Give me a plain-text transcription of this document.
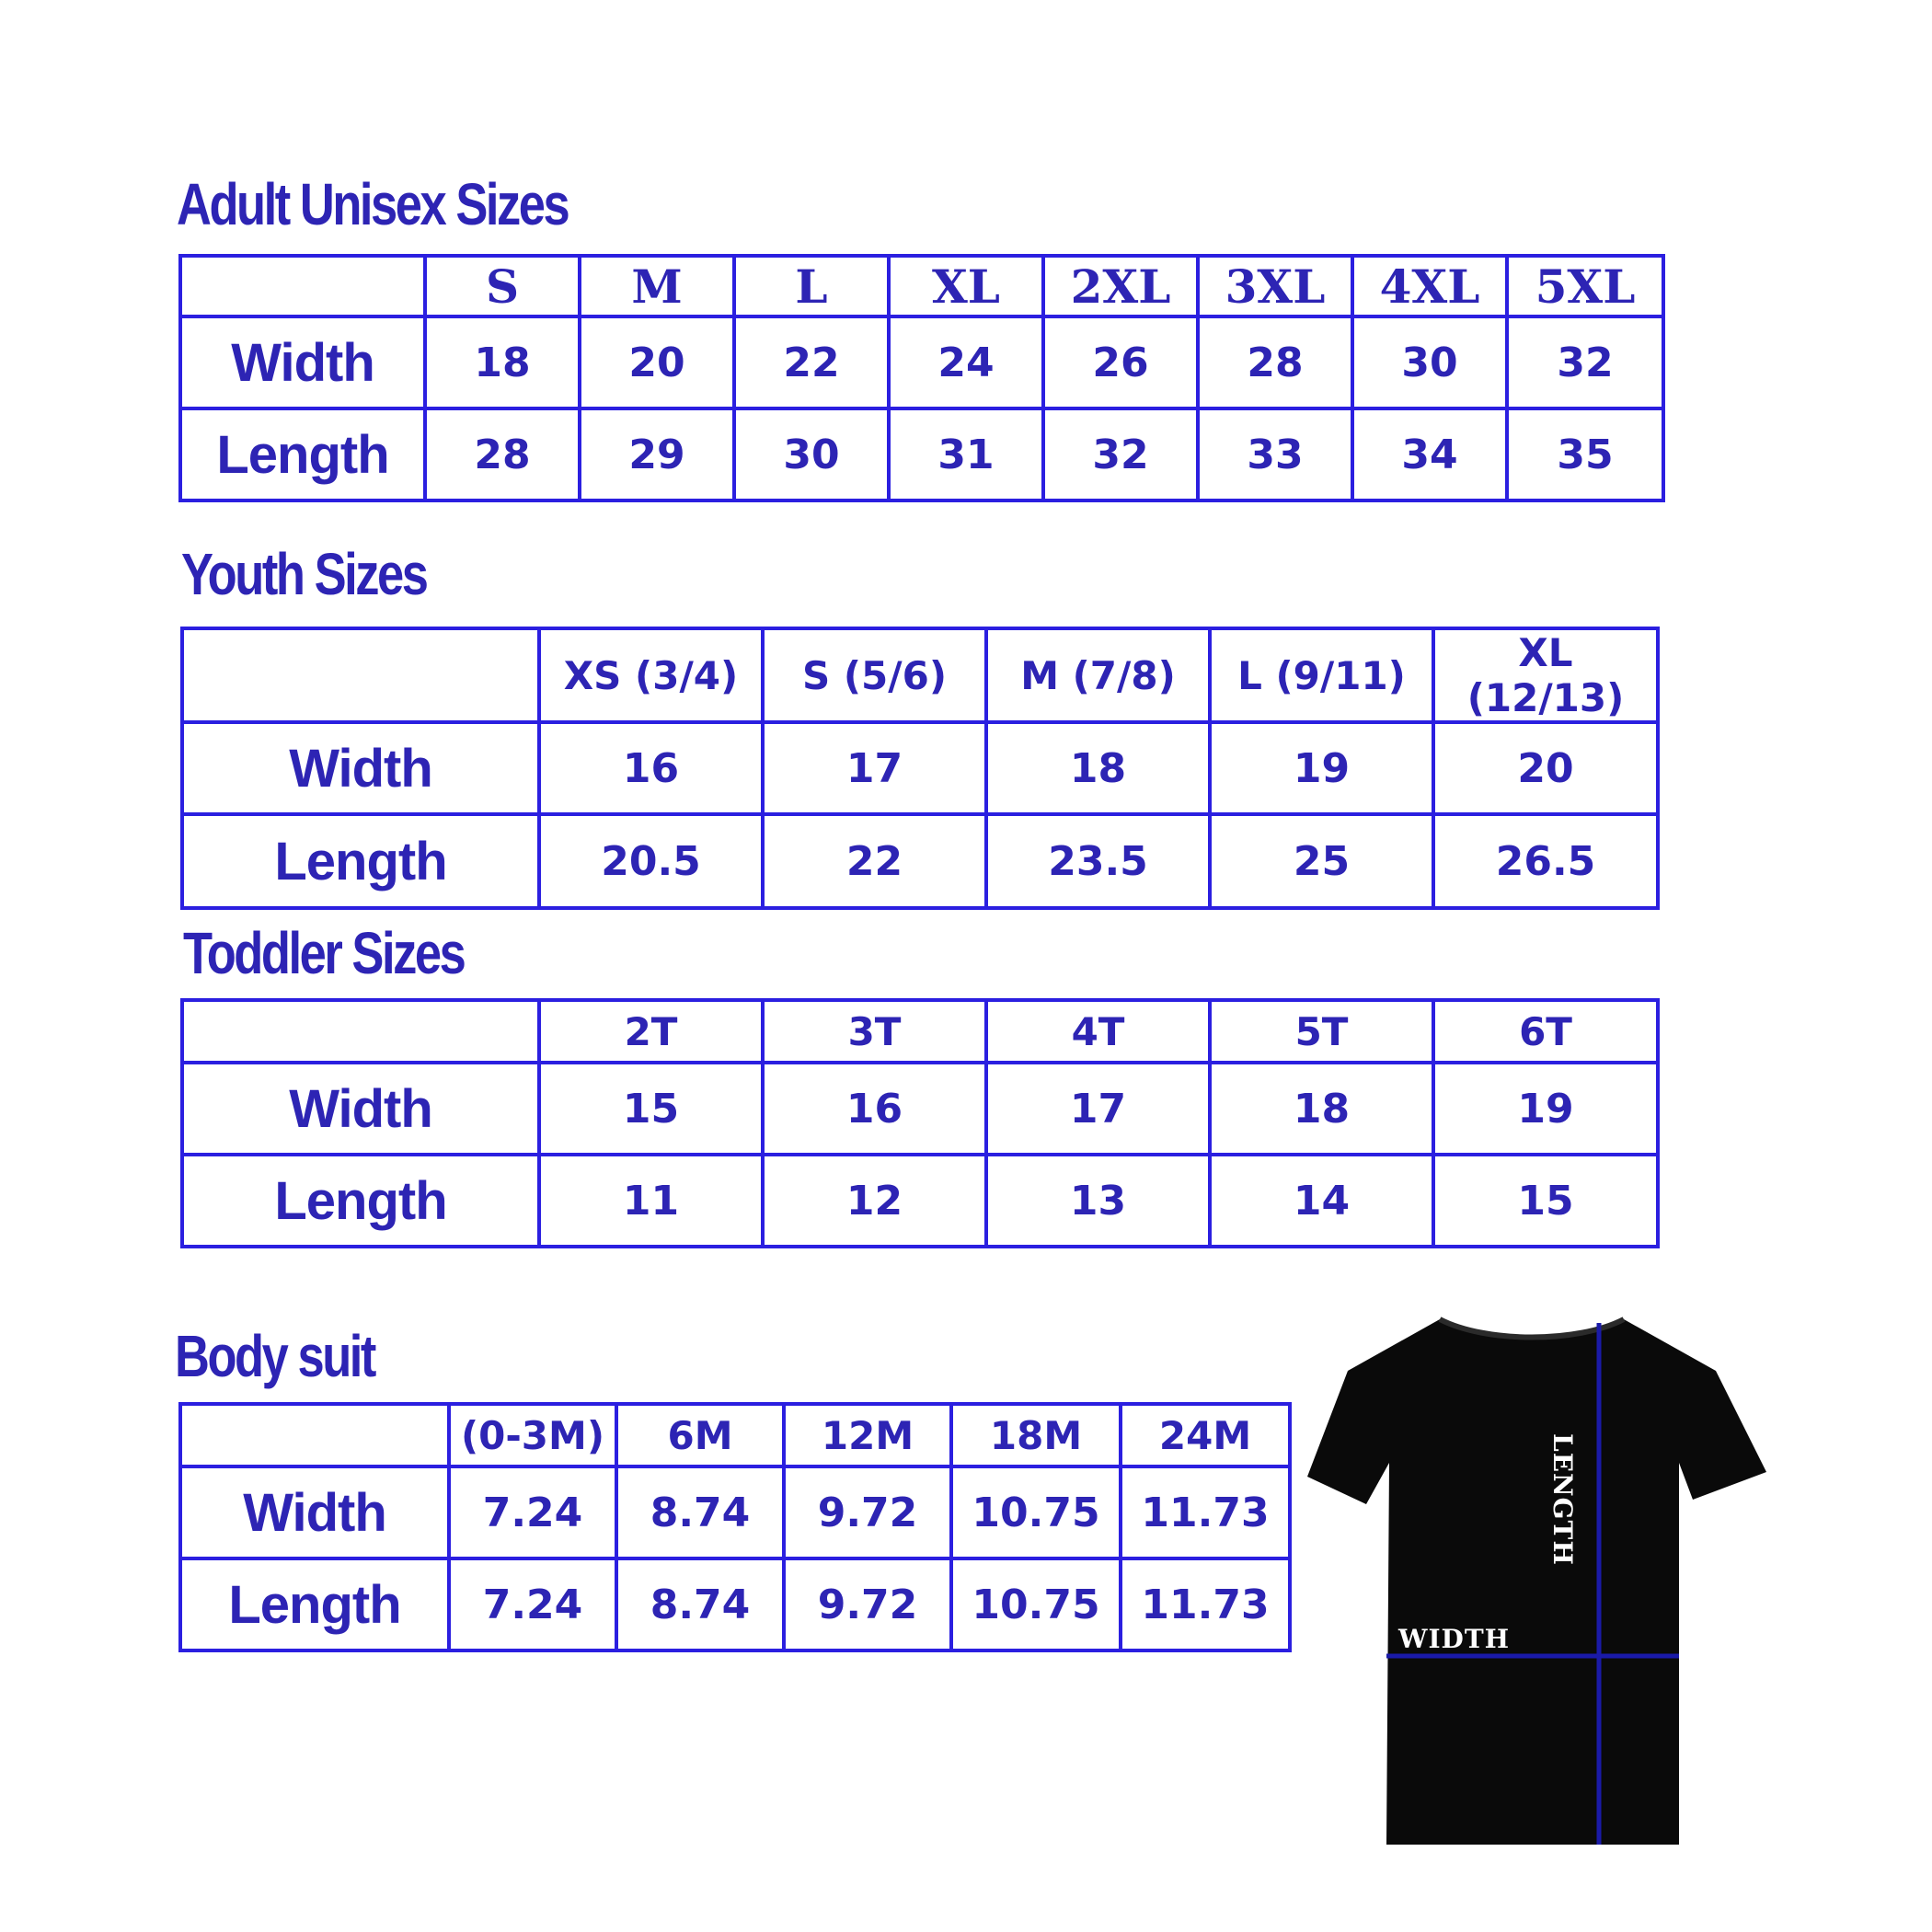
Adult Unisex Sizes
	S	M	L	XL	2XL	3XL	4XL	5XL
Width	18	20	22	24	26	28	30	32
Length	28	29	30	31	32	33	34	35
Youth Sizes
	XS (3/4)	S (5/6)	M (7/8)	L (9/11)	XL (12/13)
Width	16	17	18	19	20
Length	20.5	22	23.5	25	26.5
Toddler Sizes
	2T	3T	4T	5T	6T
Width	15	16	17	18	19
Length	11	12	13	14	15
Body suit
	(0-3M)	6M	12M	18M	24M
Width	7.24	8.74	9.72	10.75	11.73
Length	7.24	8.74	9.72	10.75	11.73
WIDTH
LENGTH
